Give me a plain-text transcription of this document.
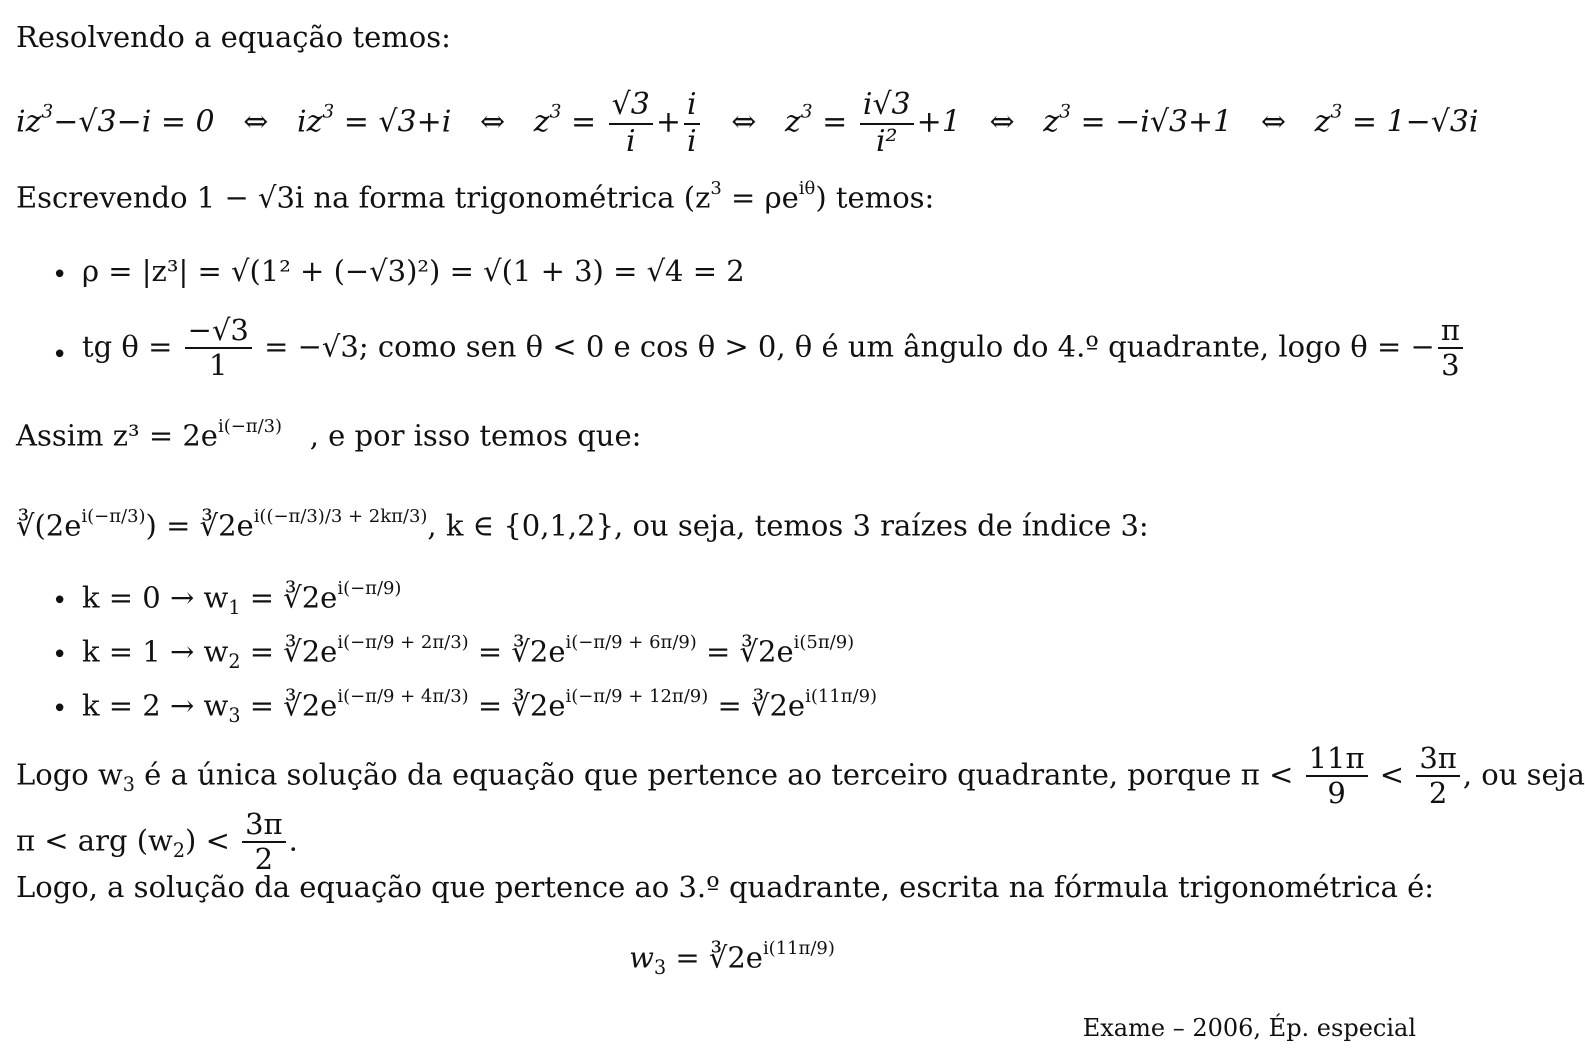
Resolvendo a equação temos:
$iz^3-√3-i = 0$ ⇔ $iz^3 = √3+i$ ⇔ $z^3 = \frac{√3}{i} + \frac{i}{i}$ ⇔ $z^3 = \frac{i√3}{\text{i²}} +1$ ⇔ $z^3 = -i√3+1$ ⇔ $z^3 = 1-√3i$
Escrevendo 1 − √3i na forma trigonométrica $(z^3 = \rho e^{i\theta})$ temos:
• ρ = |z³| = √(1² + (−√3)²) = √(1 + 3) = √4 = 2
• tg $\theta = \frac{-√3}{1} = -√3$; como sen θ < 0 e cos θ > 0, θ é um ângulo do 4.º quadrante, logo θ = − $\frac{\pi}{3}$
Assim $z^3 = 2e^{i(-\pi/3)}$ , e por isso temos que:
$∛(2e^{i(-\pi/3)})$ = $∛2e^{i((-\pi/3)/3 + 2k\pi/3)}$, k ∈ {0,1,2}, ou seja, temos 3 raízes de índice 3:
• $k = 0 \to w_1$ = $∛2e^{i(-\pi/9)}$
• $k = 1 \to w_2$ = $∛2e^{i(-\pi/9 + 2\pi/3)}$ = $∛2e^{i(-\pi/9 + 6\pi/9)}$ = $∛2e^{i(5\pi/9)}$
• $k = 2 \to w_3$ = $∛2e^{i(-\pi/9 + 4\pi/3)}$ = $∛2e^{i(-\pi/9 + 12\pi/9)}$ = $∛2e^{i(11\pi/9)}$
Logo $w_3$ é a única solução da equação que pertence ao terceiro quadrante, porque $\pi < \frac{11\pi}{9} < \frac{3\pi}{2}$ , ou seja
π < arg $(w_2) < \frac{3\pi}{2}$ .
Logo, a solução da equação que pertence ao 3.º quadrante, escrita na fórmula trigonométrica é:
$w_3$ = $∛2e^{i(11\pi/9)}$
Exame – 2006, Ép. especial
